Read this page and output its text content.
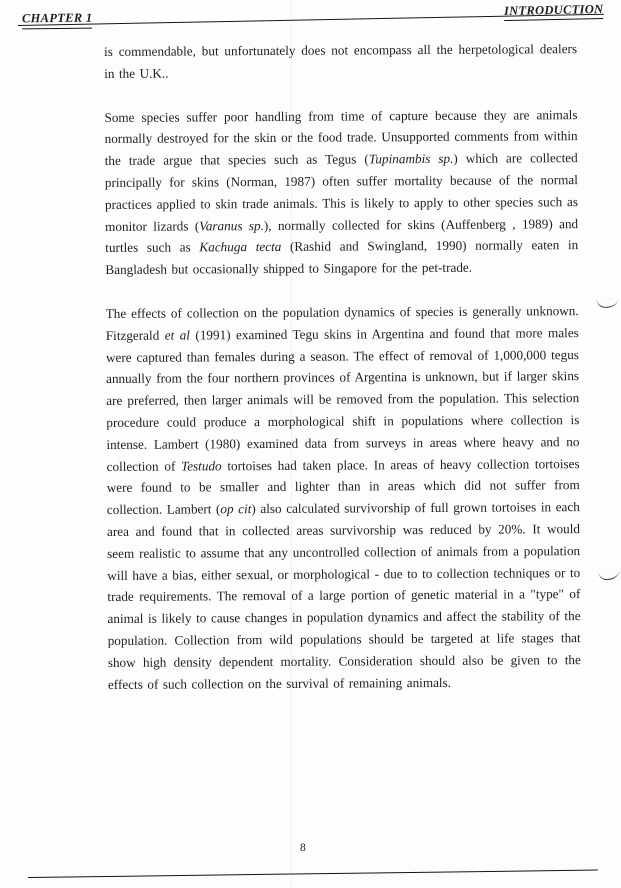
CHAPTER 1	INTRODUCTION

is commendable, but unfortunately does not encompass all the herpetological dealers in the U.K..

Some species suffer poor handling from time of capture because they are animals normally destroyed for the skin or the food trade. Unsupported comments from within the trade argue that species such as Tegus (Tupinambis sp.) which are collected principally for skins (Norman, 1987) often suffer mortality because of the normal practices applied to skin trade animals. This is likely to apply to other species such as monitor lizards (Varanus sp.), normally collected for skins (Auffenberg , 1989) and turtles such as Kachuga tecta (Rashid and Swingland, 1990) normally eaten in Bangladesh but occasionally shipped to Singapore for the pet-trade.

The effects of collection on the population dynamics of species is generally unknown. Fitzgerald et al (1991) examined Tegu skins in Argentina and found that more males were captured than females during a season. The effect of removal of 1,000,000 tegus annually from the four northern provinces of Argentina is unknown, but if larger skins are preferred, then larger animals will be removed from the population. This selection procedure could produce a morphological shift in populations where collection is intense. Lambert (1980) examined data from surveys in areas where heavy and no collection of Testudo tortoises had taken place. In areas of heavy collection tortoises were found to be smaller and lighter than in areas which did not suffer from collection. Lambert (op cit) also calculated survivorship of full grown tortoises in each area and found that in collected areas survivorship was reduced by 20%. It would seem realistic to assume that any uncontrolled collection of animals from a population will have a bias, either sexual, or morphological - due to to collection techniques or to trade requirements. The removal of a large portion of genetic material in a "type" of animal is likely to cause changes in population dynamics and affect the stability of the population. Collection from wild populations should be targeted at life stages that show high density dependent mortality. Consideration should also be given to the effects of such collection on the survival of remaining animals.

8
